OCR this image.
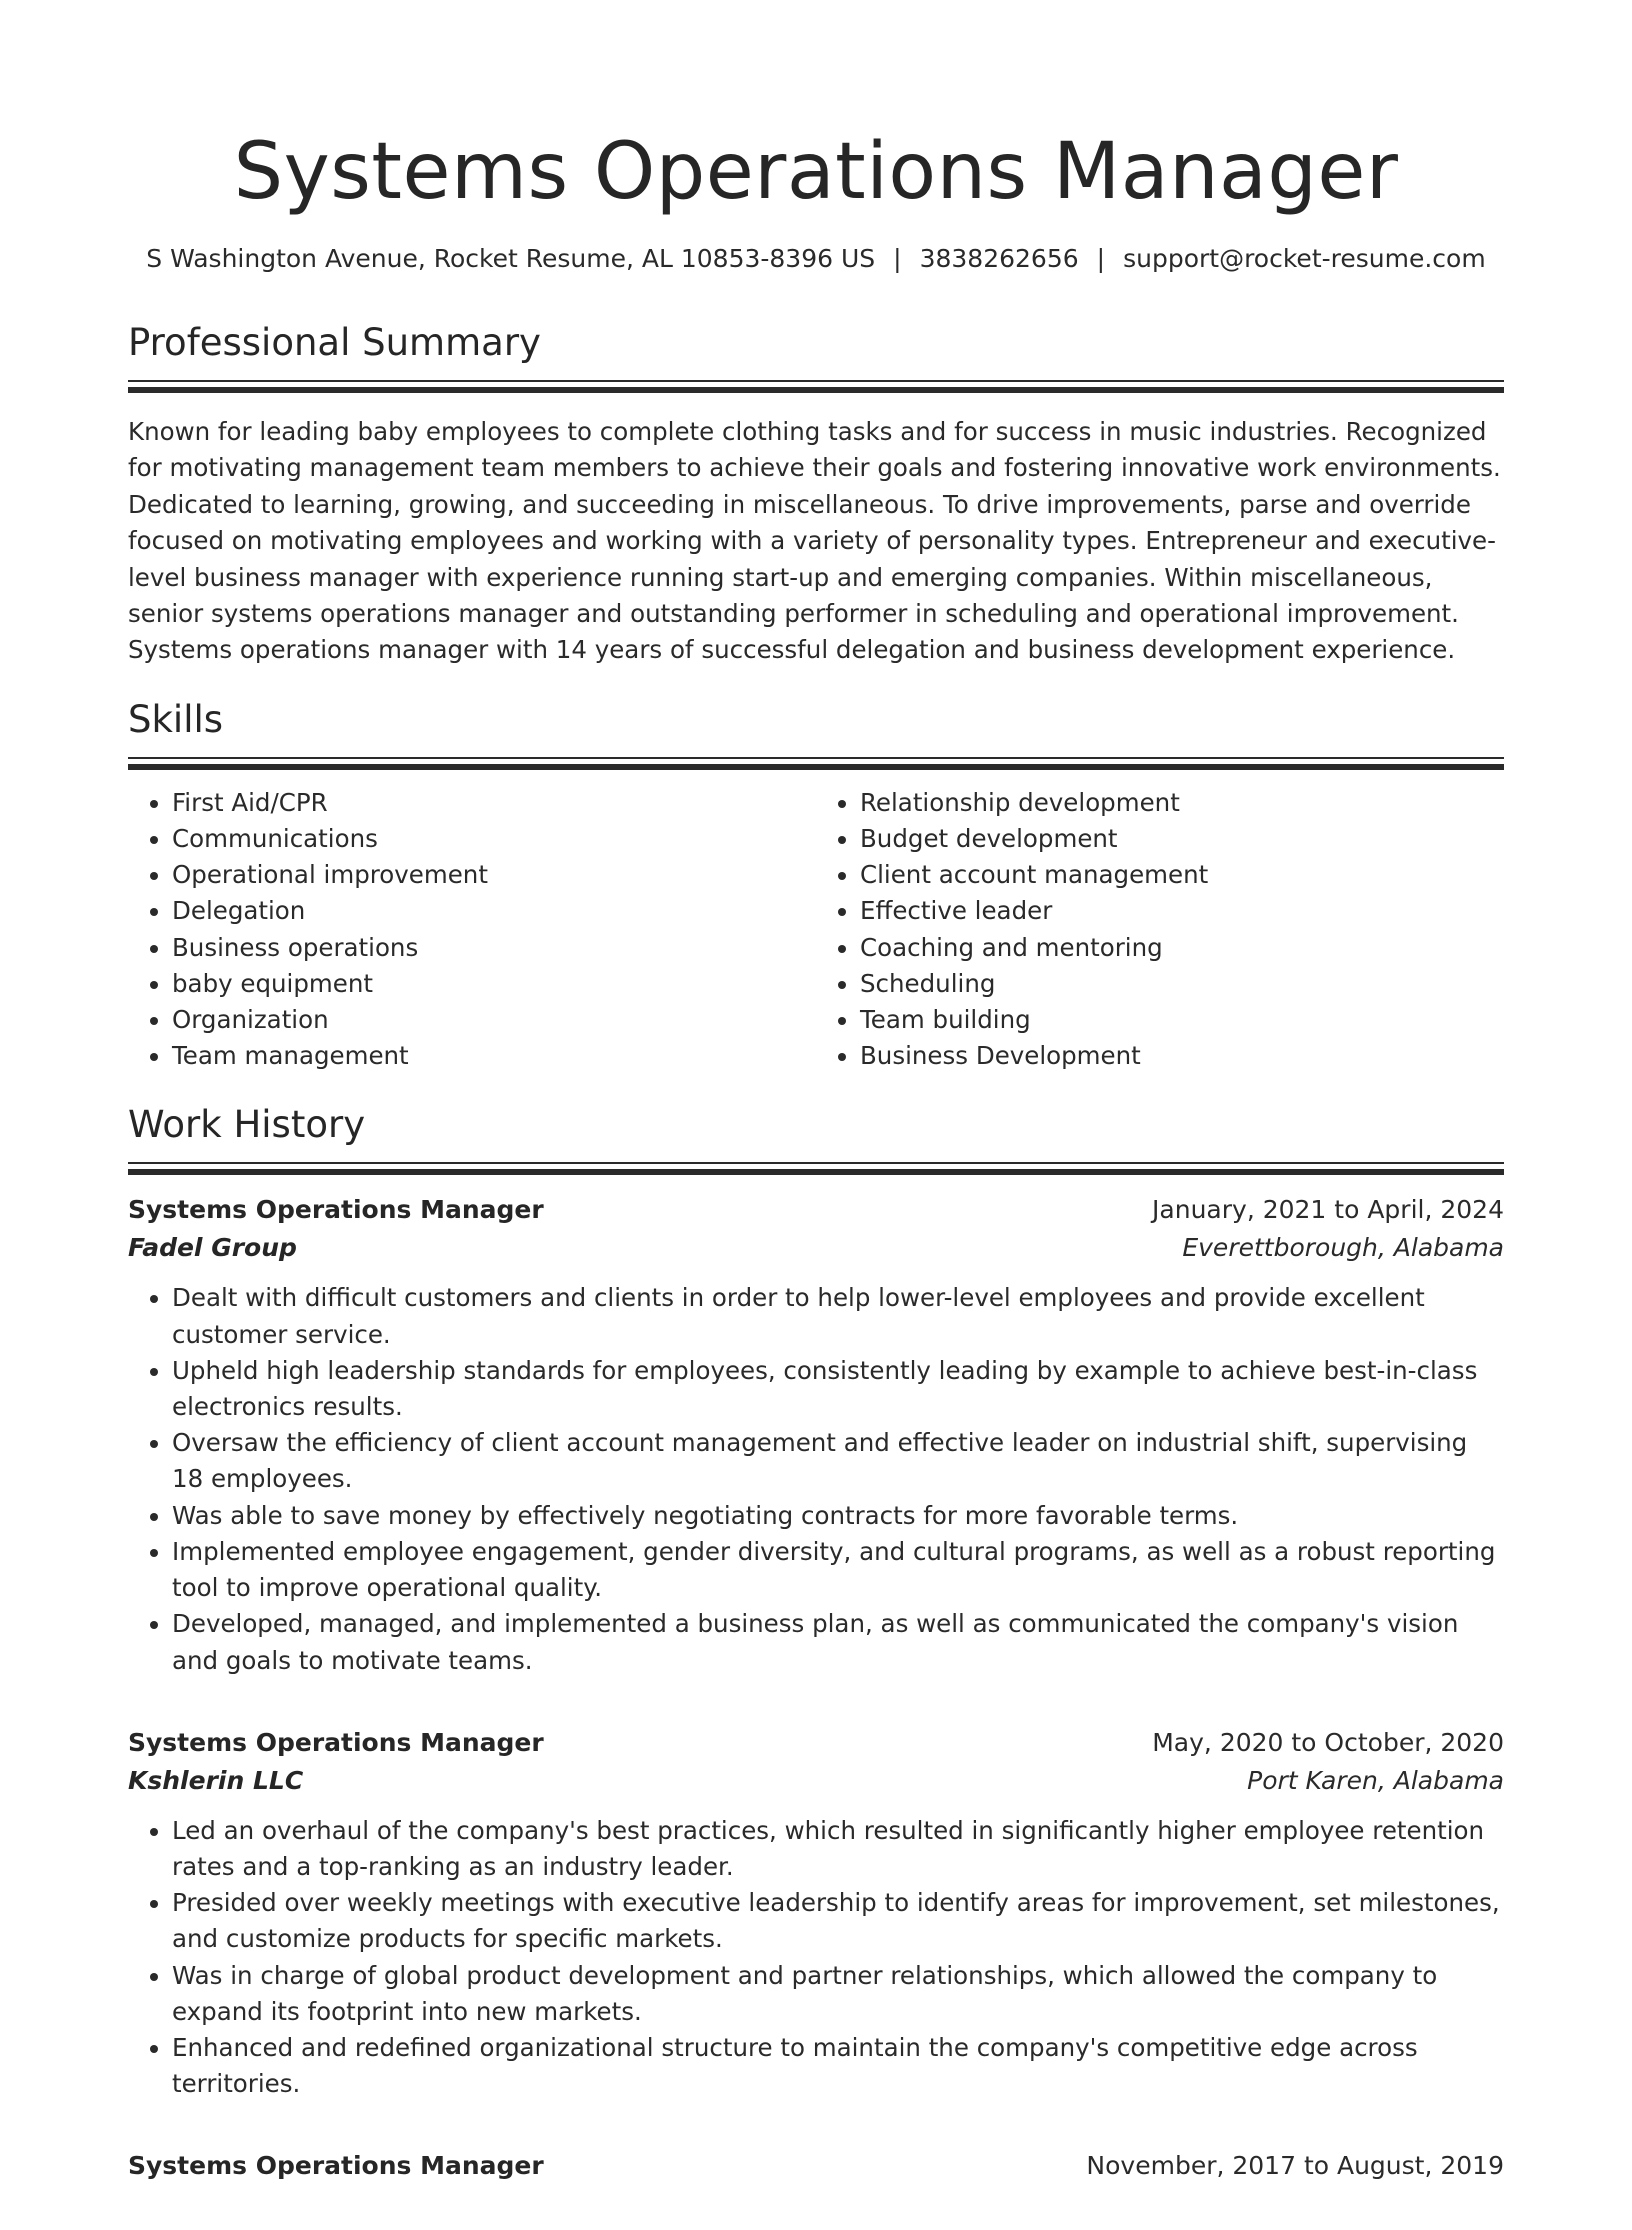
Systems Operations Manager
S Washington Avenue, Rocket Resume, AL 10853-8396 US | 3838262656 | support@rocket-resume.com
Professional Summary

Known for leading baby employees to complete clothing tasks and for success in music industries. Recognized for motivating management team members to achieve their goals and fostering innovative work environments. Dedicated to learning, growing, and succeeding in miscellaneous. To drive improvements, parse and override focused on motivating employees and working with a variety of personality types. Entrepreneur and executive-level business manager with experience running start-up and emerging companies. Within miscellaneous, senior systems operations manager and outstanding performer in scheduling and operational improvement. Systems operations manager with 14 years of successful delegation and business development experience.

Skills
• First Aid/CPR
• Communications
• Operational improvement
• Delegation
• Business operations
• baby equipment
• Organization
• Team management
• Relationship development
• Budget development
• Client account management
• Effective leader
• Coaching and mentoring
• Scheduling
• Team building
• Business Development
Work History
Systems Operations Manager	January, 2021 to April, 2024
Fadel Group	Everettborough, Alabama
• Dealt with difficult customers and clients in order to help lower-level employees and provide excellent customer service.
• Upheld high leadership standards for employees, consistently leading by example to achieve best-in-class electronics results.
• Oversaw the efficiency of client account management and effective leader on industrial shift, supervising 18 employees.
• Was able to save money by effectively negotiating contracts for more favorable terms.
• Implemented employee engagement, gender diversity, and cultural programs, as well as a robust reporting tool to improve operational quality.
• Developed, managed, and implemented a business plan, as well as communicated the company's vision and goals to motivate teams.
Systems Operations Manager	May, 2020 to October, 2020
Kshlerin LLC	Port Karen, Alabama
• Led an overhaul of the company's best practices, which resulted in significantly higher employee retention rates and a top-ranking as an industry leader.
• Presided over weekly meetings with executive leadership to identify areas for improvement, set milestones, and customize products for specific markets.
• Was in charge of global product development and partner relationships, which allowed the company to expand its footprint into new markets.
• Enhanced and redefined organizational structure to maintain the company's competitive edge across territories.
Systems Operations Manager	November, 2017 to August, 2019
